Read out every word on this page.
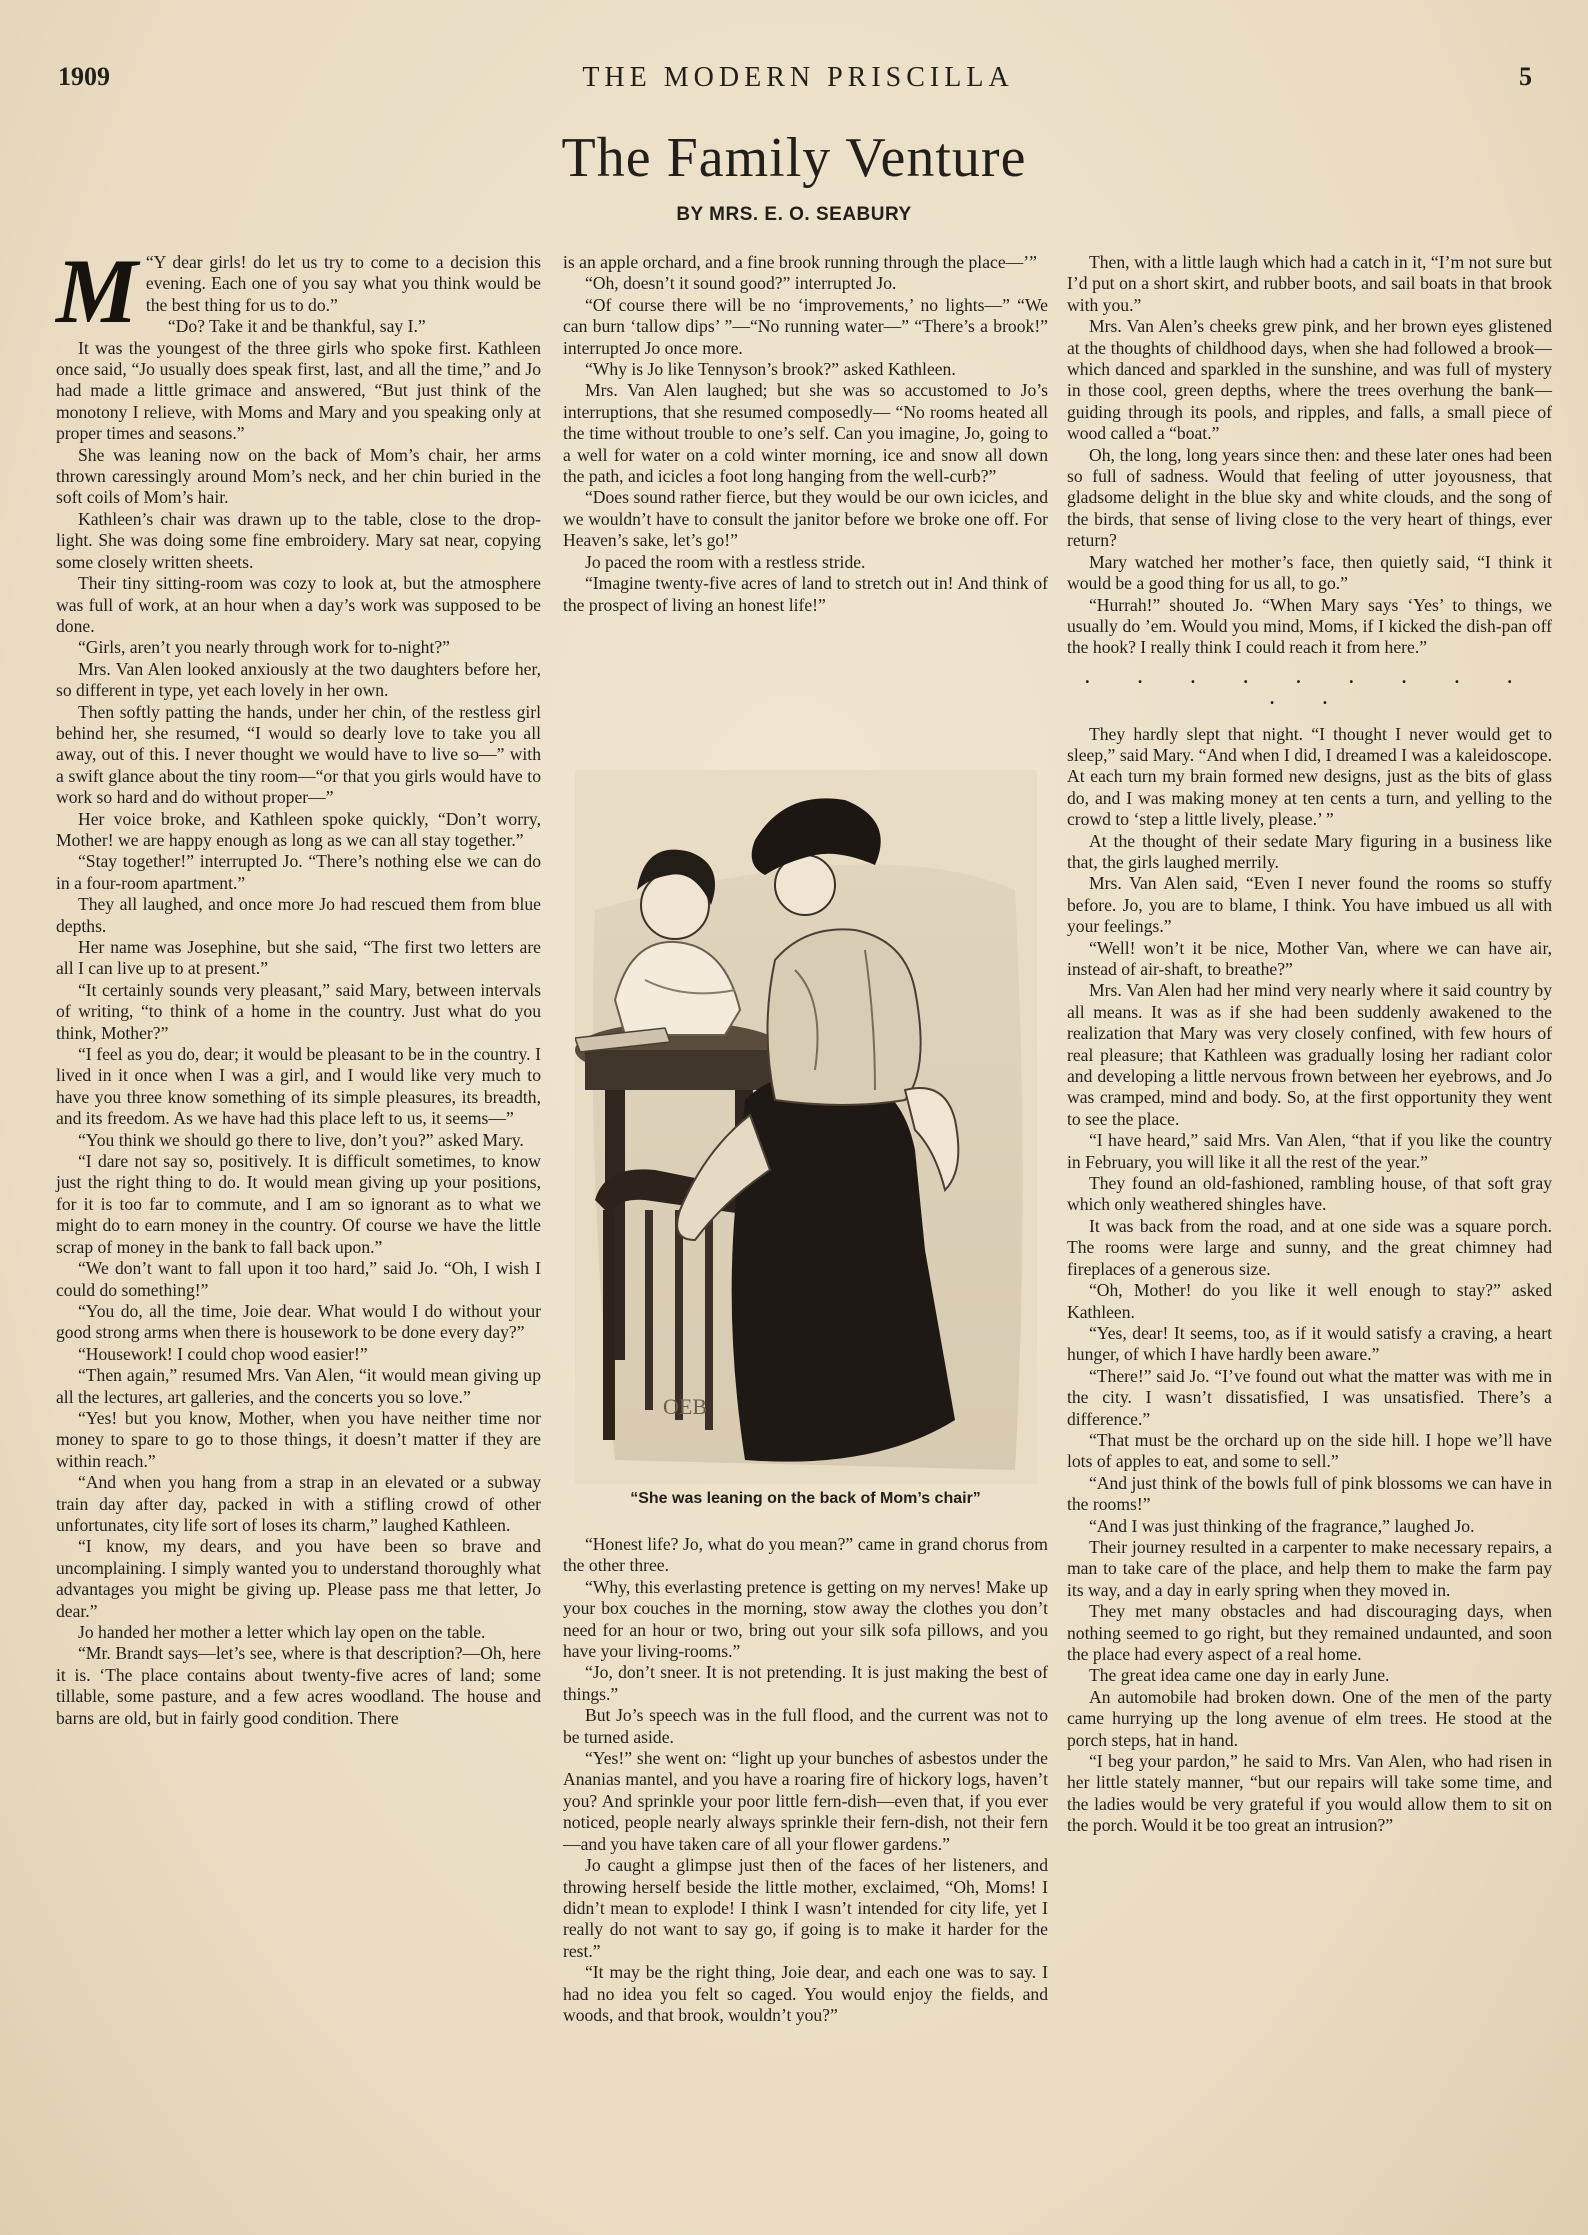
1909	THE MODERN PRISCILLA	5
The Family Venture
BY MRS. E. O. SEABURY
M “Y dear girls! do let us try to come to a decision this evening. Each one of you say what you think would be the best thing for us to do.”

“Do? Take it and be thankful, say I.”

It was the youngest of the three girls who spoke first. Kathleen once said, “Jo usually does speak first, last, and all the time,” and Jo had made a little grimace and answered, “But just think of the monotony I relieve, with Moms and Mary and you speaking only at proper times and seasons.”

She was leaning now on the back of Mom’s chair, her arms thrown caressingly around Mom’s neck, and her chin buried in the soft coils of Mom’s hair.

Kathleen’s chair was drawn up to the table, close to the drop-light. She was doing some fine embroidery. Mary sat near, copying some closely written sheets.

Their tiny sitting-room was cozy to look at, but the atmosphere was full of work, at an hour when a day’s work was supposed to be done.

“Girls, aren’t you nearly through work for to-night?”

Mrs. Van Alen looked anxiously at the two daughters before her, so different in type, yet each lovely in her own.

Then softly patting the hands, under her chin, of the restless girl behind her, she resumed, “I would so dearly love to take you all away, out of this. I never thought we would have to live so—” with a swift glance about the tiny room—“or that you girls would have to work so hard and do without proper—”

Her voice broke, and Kathleen spoke quickly, “Don’t worry, Mother! we are happy enough as long as we can all stay together.”

“Stay together!” interrupted Jo. “There’s nothing else we can do in a four-room apartment.”

They all laughed, and once more Jo had rescued them from blue depths.

Her name was Josephine, but she said, “The first two letters are all I can live up to at present.”

“It certainly sounds very pleasant,” said Mary, between intervals of writing, “to think of a home in the country. Just what do you think, Mother?”

“I feel as you do, dear; it would be pleasant to be in the country. I lived in it once when I was a girl, and I would like very much to have you three know something of its simple pleasures, its breadth, and its freedom. As we have had this place left to us, it seems—”

“You think we should go there to live, don’t you?” asked Mary.

“I dare not say so, positively. It is difficult sometimes, to know just the right thing to do. It would mean giving up your positions, for it is too far to commute, and I am so ignorant as to what we might do to earn money in the country. Of course we have the little scrap of money in the bank to fall back upon.”

“We don’t want to fall upon it too hard,” said Jo. “Oh, I wish I could do something!”

“You do, all the time, Joie dear. What would I do without your good strong arms when there is housework to be done every day?”

“Housework! I could chop wood easier!”

“Then again,” resumed Mrs. Van Alen, “it would mean giving up all the lectures, art galleries, and the concerts you so love.”

“Yes! but you know, Mother, when you have neither time nor money to spare to go to those things, it doesn’t matter if they are within reach.”

“And when you hang from a strap in an elevated or a subway train day after day, packed in with a stifling crowd of other unfortunates, city life sort of loses its charm,” laughed Kathleen.

“I know, my dears, and you have been so brave and uncomplaining. I simply wanted you to understand thoroughly what advantages you might be giving up. Please pass me that letter, Jo dear.”

Jo handed her mother a letter which lay open on the table.

“Mr. Brandt says—let’s see, where is that description?—Oh, here it is. ‘The place contains about twenty-five acres of land; some tillable, some pasture, and a few acres woodland. The house and barns are old, but in fairly good condition. There

is an apple orchard, and a fine brook running through the place—’”

“Oh, doesn’t it sound good?” interrupted Jo.

“Of course there will be no ‘improvements,’ no lights—” “We can burn ‘tallow dips’ ”—“No running water—” “There’s a brook!” interrupted Jo once more.

“Why is Jo like Tennyson’s brook?” asked Kathleen.

Mrs. Van Alen laughed; but she was so accustomed to Jo’s interruptions, that she resumed composedly— “No rooms heated all the time without trouble to one’s self. Can you imagine, Jo, going to a well for water on a cold winter morning, ice and snow all down the path, and icicles a foot long hanging from the well-curb?”

“Does sound rather fierce, but they would be our own icicles, and we wouldn’t have to consult the janitor before we broke one off. For Heaven’s sake, let’s go!”

Jo paced the room with a restless stride.

“Imagine twenty-five acres of land to stretch out in! And think of the prospect of living an honest life!”

OEB
“She was leaning on the back of Mom’s chair”

“Honest life? Jo, what do you mean?” came in grand chorus from the other three.

“Why, this everlasting pretence is getting on my nerves! Make up your box couches in the morning, stow away the clothes you don’t need for an hour or two, bring out your silk sofa pillows, and you have your living-rooms.”

“Jo, don’t sneer. It is not pretending. It is just making the best of things.”

But Jo’s speech was in the full flood, and the current was not to be turned aside.

“Yes!” she went on: “light up your bunches of asbestos under the Ananias mantel, and you have a roaring fire of hickory logs, haven’t you? And sprinkle your poor little fern-dish—even that, if you ever noticed, people nearly always sprinkle their fern-dish, not their fern—and you have taken care of all your flower gardens.”

Jo caught a glimpse just then of the faces of her listeners, and throwing herself beside the little mother, exclaimed, “Oh, Moms! I didn’t mean to explode! I think I wasn’t intended for city life, yet I really do not want to say go, if going is to make it harder for the rest.”

“It may be the right thing, Joie dear, and each one was to say. I had no idea you felt so caged. You would enjoy the fields, and woods, and that brook, wouldn’t you?”

Then, with a little laugh which had a catch in it, “I’m not sure but I’d put on a short skirt, and rubber boots, and sail boats in that brook with you.”

Mrs. Van Alen’s cheeks grew pink, and her brown eyes glistened at the thoughts of childhood days, when she had followed a brook—which danced and sparkled in the sunshine, and was full of mystery in those cool, green depths, where the trees overhung the bank—guiding through its pools, and ripples, and falls, a small piece of wood called a “boat.”

Oh, the long, long years since then: and these later ones had been so full of sadness. Would that feeling of utter joyousness, that gladsome delight in the blue sky and white clouds, and the song of the birds, that sense of living close to the very heart of things, ever return?

Mary watched her mother’s face, then quietly said, “I think it would be a good thing for us all, to go.”

“Hurrah!” shouted Jo. “When Mary says ‘Yes’ to things, we usually do ’em. Would you mind, Moms, if I kicked the dish-pan off the hook? I really think I could reach it from here.”

. . . . . . . . . . .

They hardly slept that night. “I thought I never would get to sleep,” said Mary. “And when I did, I dreamed I was a kaleidoscope. At each turn my brain formed new designs, just as the bits of glass do, and I was making money at ten cents a turn, and yelling to the crowd to ‘step a little lively, please.’ ”

At the thought of their sedate Mary figuring in a business like that, the girls laughed merrily.

Mrs. Van Alen said, “Even I never found the rooms so stuffy before. Jo, you are to blame, I think. You have imbued us all with your feelings.”

“Well! won’t it be nice, Mother Van, where we can have air, instead of air-shaft, to breathe?”

Mrs. Van Alen had her mind very nearly where it said country by all means. It was as if she had been suddenly awakened to the realization that Mary was very closely confined, with few hours of real pleasure; that Kathleen was gradually losing her radiant color and developing a little nervous frown between her eyebrows, and Jo was cramped, mind and body. So, at the first opportunity they went to see the place.

“I have heard,” said Mrs. Van Alen, “that if you like the country in February, you will like it all the rest of the year.”

They found an old-fashioned, rambling house, of that soft gray which only weathered shingles have.

It was back from the road, and at one side was a square porch. The rooms were large and sunny, and the great chimney had fireplaces of a generous size.

“Oh, Mother! do you like it well enough to stay?” asked Kathleen.

“Yes, dear! It seems, too, as if it would satisfy a craving, a heart hunger, of which I have hardly been aware.”

“There!” said Jo. “I’ve found out what the matter was with me in the city. I wasn’t dissatisfied, I was unsatisfied. There’s a difference.”

“That must be the orchard up on the side hill. I hope we’ll have lots of apples to eat, and some to sell.”

“And just think of the bowls full of pink blossoms we can have in the rooms!”

“And I was just thinking of the fragrance,” laughed Jo.

Their journey resulted in a carpenter to make necessary repairs, a man to take care of the place, and help them to make the farm pay its way, and a day in early spring when they moved in.

They met many obstacles and had discouraging days, when nothing seemed to go right, but they remained undaunted, and soon the place had every aspect of a real home.

The great idea came one day in early June.

An automobile had broken down. One of the men of the party came hurrying up the long avenue of elm trees. He stood at the porch steps, hat in hand.

“I beg your pardon,” he said to Mrs. Van Alen, who had risen in her little stately manner, “but our repairs will take some time, and the ladies would be very grateful if you would allow them to sit on the porch. Would it be too great an intrusion?”
